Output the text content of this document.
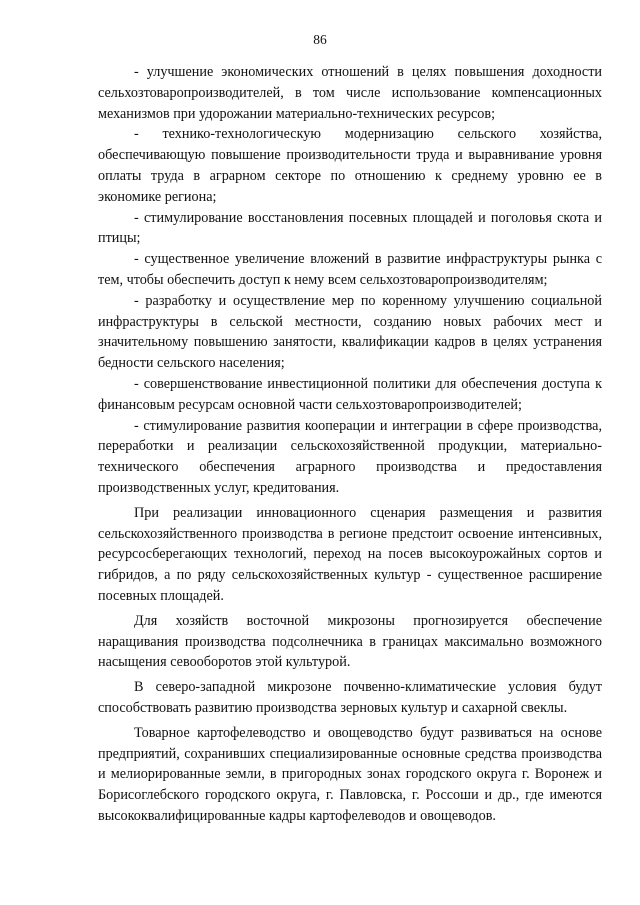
86

- улучшение экономических отношений в целях повышения доходности сельхозтоваропроизводителей, в том числе использование компенсационных механизмов при удорожании материально-технических ресурсов;

- технико-технологическую модернизацию сельского хозяйства, обеспечивающую повышение производительности труда и выравнивание уровня оплаты труда в аграрном секторе по отношению к среднему уровню ее в экономике региона;

- стимулирование восстановления посевных площадей и поголовья скота и птицы;

- существенное увеличение вложений в развитие инфраструктуры рынка с тем, чтобы обеспечить доступ к нему всем сельхозтоваропроизводителям;

- разработку и осуществление мер по коренному улучшению социальной инфраструктуры в сельской местности, созданию новых рабочих мест и значительному повышению занятости, квалификации кадров в целях устранения бедности сельского населения;

- совершенствование инвестиционной политики для обеспечения доступа к финансовым ресурсам основной части сельхозтоваропроизводителей;

- стимулирование развития кооперации и интеграции в сфере производства, переработки и реализации сельскохозяйственной продукции, материально-технического обеспечения аграрного производства и предоставления производственных услуг, кредитования.

При реализации инновационного сценария размещения и развития сельскохозяйственного производства в регионе предстоит освоение интенсивных, ресурсосберегающих технологий, переход на посев высокоурожайных сортов и гибридов, а по ряду сельскохозяйственных культур - существенное расширение посевных площадей.

Для хозяйств восточной микрозоны прогнозируется обеспечение наращивания производства подсолнечника в границах максимально возможного насыщения севооборотов этой культурой.

В северо-западной микрозоне почвенно-климатические условия будут способствовать развитию производства зерновых культур и сахарной свеклы.

Товарное картофелеводство и овощеводство будут развиваться на основе предприятий, сохранивших специализированные основные средства производства и мелиорированные земли, в пригородных зонах городского округа г. Воронеж и Борисоглебского городского округа, г. Павловска, г. Россоши и др., где имеются высококвалифицированные кадры картофелеводов и овощеводов.
